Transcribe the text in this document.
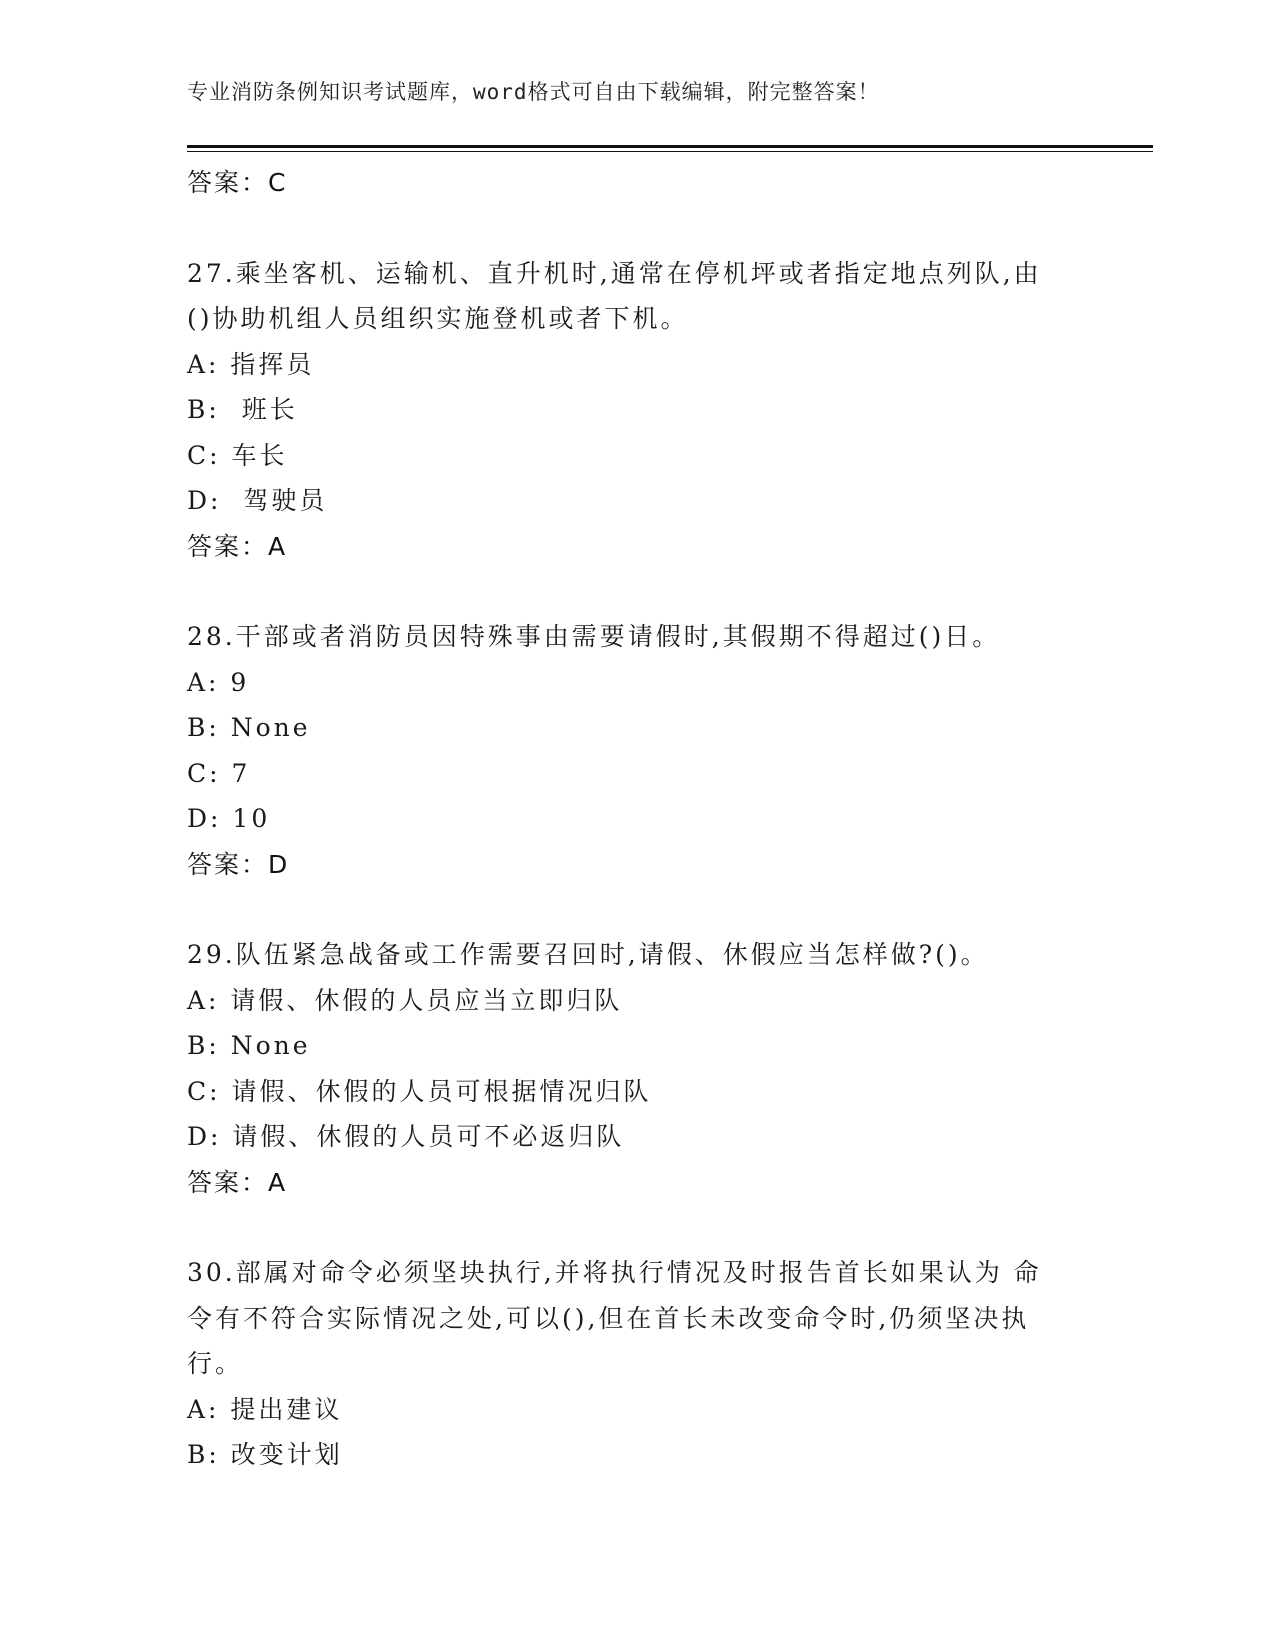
专业消防条例知识考试题库，word格式可自由下载编辑，附完整答案！
答案：C
27.乘坐客机、运输机、直升机时,通常在停机坪或者指定地点列队,由
()协助机组人员组织实施登机或者下机。
A: 指挥员
B:  班长
C: 车长
D:  驾驶员
答案：A
28.干部或者消防员因特殊事由需要请假时,其假期不得超过()日。
A: 9
B: None
C: 7
D: 10
答案：D
29.队伍紧急战备或工作需要召回时,请假、休假应当怎样做?()。
A: 请假、休假的人员应当立即归队
B: None
C: 请假、休假的人员可根据情况归队
D: 请假、休假的人员可不必返归队
答案：A
30.部属对命令必须坚块执行,并将执行情况及时报告首长如果认为 命
令有不符合实际情况之处,可以(),但在首长未改变命令时,仍须坚决执
行。
A: 提出建议
B: 改变计划
